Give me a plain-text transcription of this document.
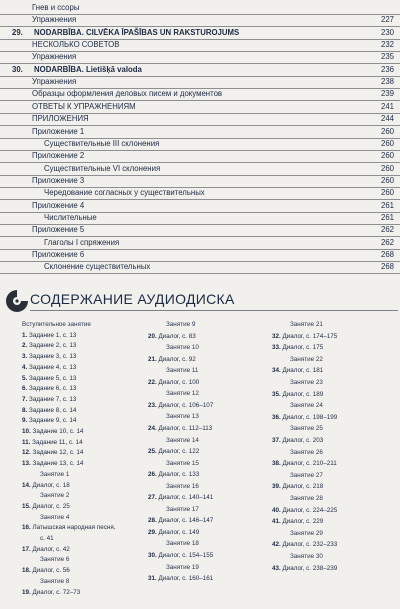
Гнев и ссоры
Упражнения	227
29. NODARBĪBA. CILVĒKA ĪPAŠĪBAS UN RAKSTUROJUMS	230
НЕСКОЛЬКО СОВЕТОВ	232
Упражнения	235
30. NODARBĪBA. Lietišķā valoda	236
Упражнения	238
Образцы оформления деловых писем и документов	239
ОТВЕТЫ К УПРАЖНЕНИЯМ	241
ПРИЛОЖЕНИЯ	244
Приложение 1	260
Существительные III склонения	260
Приложение 2	260
Существительные VI склонения	260
Приложение 3	260
Чередование согласных у существительных	260
Приложение 4	261
Числительные	261
Приложение 5	262
Глаголы I спряжения	262
Приложение 6	268
Склонение существительных	268
СОДЕРЖАНИЕ АУДИОДИСКА
Вступительное занятие
1. Задание 1, с. 13
2. Задание 2, с. 13
3. Задание 3, с. 13
4. Задание 4, с. 13
5. Задание 5, с. 13
6. Задание 6, с. 13
7. Задание 7, с. 13
8. Задание 8, с. 14
9. Задание 9, с. 14
10. Задание 10, с. 14
11. Задание 11, с. 14
12. Задание 12, с. 14
13. Задание 13, с. 14
Занятие 1
14. Диалог, с. 18
Занятие 2
15. Диалог, с. 25
Занятие 4
16. Латышская народная песня,
с. 41
17. Диалог, с. 42
Занятие 6
18. Диалог, с. 56
Занятие 8
19. Диалог, с. 72–73
Занятие 9
20. Диалог, с. 83
Занятие 10
21. Диалог, с. 92
Занятие 11
22. Диалог, с. 100
Занятие 12
23. Диалог, с. 106–107
Занятие 13
24. Диалог, с. 112–113
Занятие 14
25. Диалог, с. 122
Занятие 15
26. Диалог, с. 133
Занятие 16
27. Диалог, с. 140–141
Занятие 17
28. Диалог, с. 146–147
29. Диалог, с. 149
Занятие 18
30. Диалог, с. 154–155
Занятие 19
31. Диалог, с. 160–161
Занятие 21
32. Диалог, с. 174–175
33. Диалог, с. 175
Занятие 22
34. Диалог, с. 181
Занятие 23
35. Диалог, с. 189
Занятие 24
36. Диалог, с. 198–199
Занятие 25
37. Диалог, с. 203
Занятие 26
38. Диалог, с. 210–211
Занятие 27
39. Диалог, с. 218
Занятие 28
40. Диалог, с. 224–225
41. Диалог, с. 229
Занятие 29
42. Диалог, с. 232–233
Занятие 30
43. Диалог, с. 238–239
